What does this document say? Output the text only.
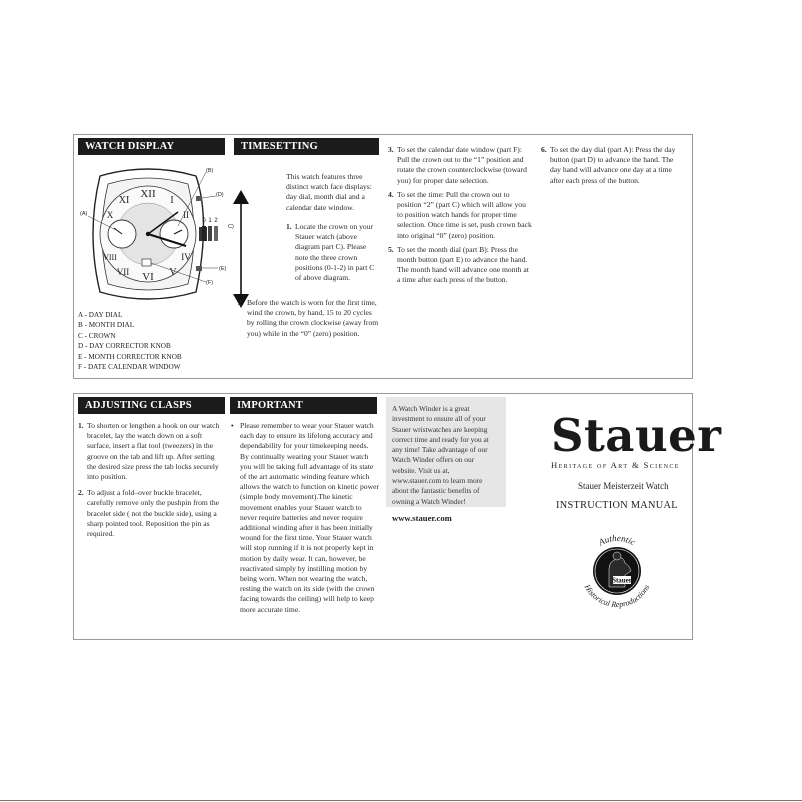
WATCH DISPLAY	TIMESETTING
XII
I
II
IV
V
VI
VII
VIII
X
XI
0 1 2
(A)
(B)
(D)
C)
(E)
(F)
A - DAY DIAL
B - MONTH DIAL
C - CROWN
D - DAY CORRECTOR KNOB
E - MONTH CORRECTOR KNOB
F - DATE CALENDAR WINDOW
This watch features three distinct watch face displays: day dial, month dial and a calendar date window.
1. Locate the crown on your Stauer watch (above diagram part C). Please note the three crown positions (0-1-2) in part C of above diagram.
2. Before the watch is worn for the first time, wind the crown, by hand, 15 to 20 cycles by rolling the crown clockwise (away from you) while in the “0” (zero) position.
3. To set the calendar date window (part F): Pull the crown out to the “1” position and rotate the crown counterclockwise (toward you) for proper date selection.
4. To set the time: Pull the crown out to position “2” (part C) which will allow you to position watch hands for proper time selection. Once time is set, push crown back into original “0” (zero) position.
5. To set the month dial (part B): Press the month button (part E) to advance the hand. The month hand will advance one month at a time after each press of the button.
6. To set the day dial (part A): Press the day button (part D) to advance the hand. The day hand will advance one day at a time after each press of the button.
ADJUSTING CLASPS	IMPORTANT
1. To shorten or lengthen a hook on our watch bracelet, lay the watch down on a soft surface, insert a flat tool (tweezers) in the groove on the tab and lift up. After setting the desired size press the tab locks securely into position.
2. To adjust a fold–over buckle bracelet, carefully remove only the pushpin from the bracelet side ( not the buckle side), using a sharp pointed tool. Reposition the pin as required.
• Please remember to wear your Stauer watch each day to ensure its lifelong accuracy and dependability for your timekeeping needs. By continually wearing your Stauer watch you will be taking full advantage of its state of the art automatic winding feature which allows the watch to function on kinetic power (simple body movement).The kinetic movement enables your Stauer watch to never require batteries and never require additional winding after it has been initially wound for the first time. Your Stauer watch will stop running if it is not properly kept in motion by daily wear. It can, however, be reactivated simply by instilling motion by being worn. When not wearing the watch, resting the watch on its side (with the crown facing towards the ceiling) will help to keep more accurate time.
A Watch Winder is a great investment to ensure all of your Stauer wristwatches are keeping correct time and ready for you at any time! Take advantage of our Watch Winder offers on our website. Visit us at, www.stauer.com to learn more about the fantastic benefits of owning a Watch Winder!
www.stauer.com
Stauer
Heritage of Art & Science
Stauer Meisterzeit Watch
INSTRUCTION MANUAL
Stauer
Authentic
Historical Reproductions
